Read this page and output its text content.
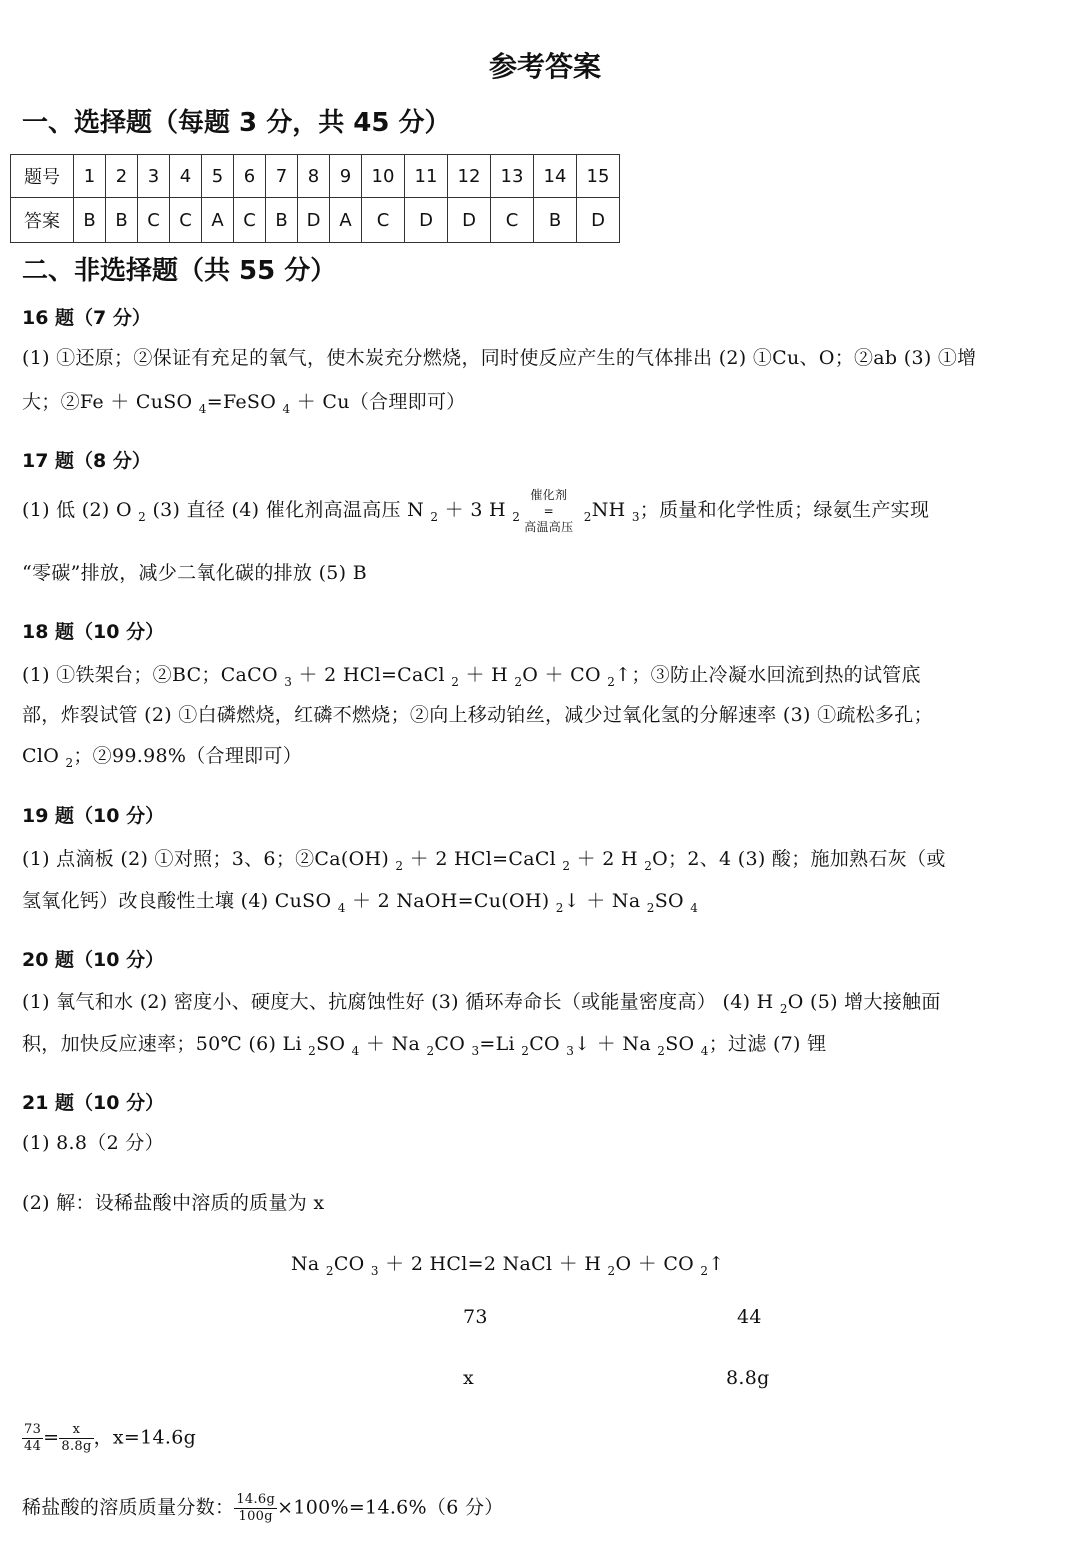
参考答案
一、选择题（每题 3 分，共 45 分）
题号	1	2	3	4	5	6	7	8	9	10	11	12	13	14	15
答案	B	B	C	C	A	C	B	D	A	C	D	D	C	B	D
二、非选择题（共 55 分）
16 题（7 分）
(1) ①还原；②保证有充足的氧气，使木炭充分燃烧，同时使反应产生的气体排出 (2) ①Cu、O；②ab (3) ①增
大；②Fe ＋ CuSO $_4$=FeSO $_4$ ＋ Cu（合理即可）
17 题（8 分）
(1) 低 (2) O $_2$ (3) 直径 (4) 催化剂高温高压 N $_2$ ＋ 3 H $_2$
催化剂
=
高温高压
$_2$NH $_3$；质量和化学性质；绿氨生产实现
“零碳”排放，减少二氧化碳的排放 (5) B
18 题（10 分）
(1) ①铁架台；②BC；CaCO $_3$ ＋ 2 HCl=CaCl $_2$ ＋ H $_2$O ＋ CO $_2$↑；③防止冷凝水回流到热的试管底
部，炸裂试管 (2) ①白磷燃烧，红磷不燃烧；②向上移动铂丝，减少过氧化氢的分解速率 (3) ①疏松多孔；
ClO $_2$；②99.98%（合理即可）
19 题（10 分）
(1) 点滴板 (2) ①对照；3、6；②Ca(OH) $_2$ ＋ 2 HCl=CaCl $_2$ ＋ 2 H $_2$O；2、4 (3) 酸；施加熟石灰（或
氢氧化钙）改良酸性土壤 (4) CuSO $_4$ ＋ 2 NaOH=Cu(OH) $_2$↓ ＋ Na $_2$SO $_4$
20 题（10 分）
(1) 氧气和水 (2) 密度小、硬度大、抗腐蚀性好 (3) 循环寿命长（或能量密度高） (4) H $_2$O (5) 增大接触面
积，加快反应速率；50℃ (6) Li $_2$SO $_4$ ＋ Na $_2$CO $_3$=Li $_2$CO $_3$↓ ＋ Na $_2$SO $_4$；过滤 (7) 锂
21 题（10 分）
(1) 8.8（2 分）
(2) 解：设稀盐酸中溶质的质量为 x
Na $_2$CO $_3$ ＋ 2 HCl=2 NaCl ＋ H $_2$O ＋ CO $_2$↑
73	44
x	8.8g
$\frac{73}{44} = \frac{x}{8.8g}$ ，x=14.6g
稀盐酸的溶质质量分数： $\frac{14.6g}{100g} \times 100\%=14.6\%(6$ 分）
